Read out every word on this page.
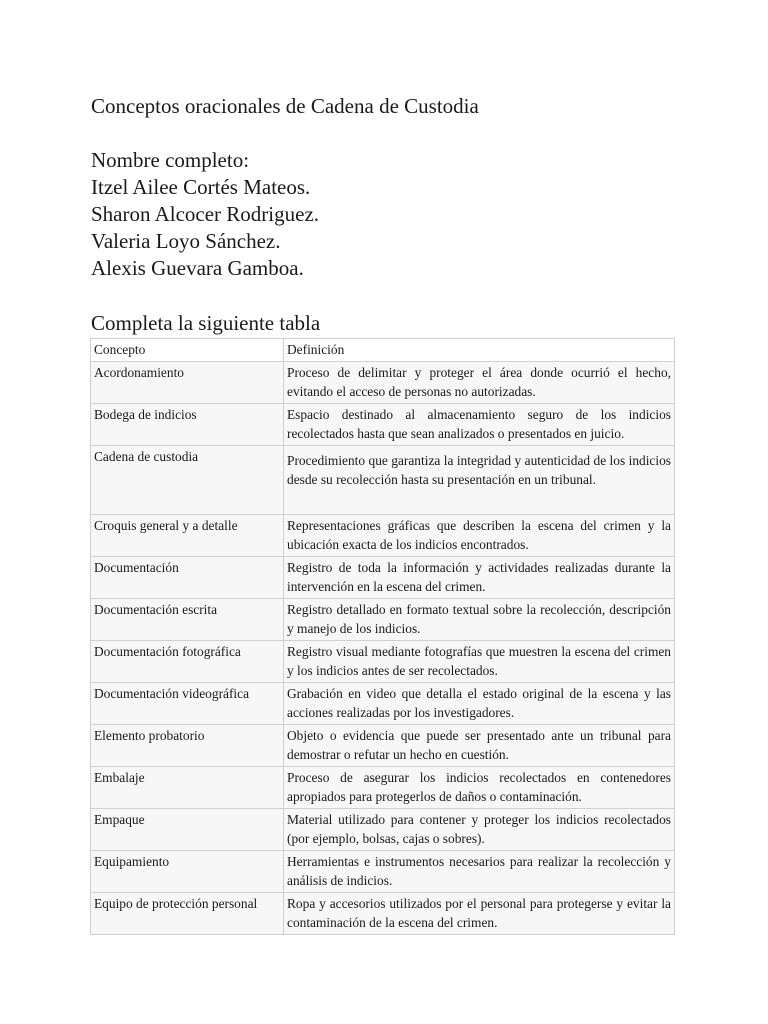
Conceptos oracionales de Cadena de Custodia
Nombre completo:
Itzel Ailee Cortés Mateos.
Sharon Alcocer Rodriguez.
Valeria Loyo Sánchez.
Alexis Guevara Gamboa.
Completa la siguiente tabla
Concepto	Definición
Acordonamiento	Proceso de delimitar y proteger el área donde ocurrió el hecho, evitando el acceso de personas no autorizadas.
Bodega de indicios	Espacio destinado al almacenamiento seguro de los indicios recolectados hasta que sean analizados o presentados en juicio.
Cadena de custodia	Procedimiento que garantiza la integridad y autenticidad de los indicios desde su recolección hasta su presentación en un tribunal.
Croquis general y a detalle	Representaciones gráficas que describen la escena del crimen y la ubicación exacta de los indicios encontrados.
Documentación	Registro de toda la información y actividades realizadas durante la intervención en la escena del crimen.
Documentación escrita	Registro detallado en formato textual sobre la recolección, descripción y manejo de los indicios.
Documentación fotográfica	Registro visual mediante fotografías que muestren la escena del crimen y los indicios antes de ser recolectados.
Documentación videográfica	Grabación en video que detalla el estado original de la escena y las acciones realizadas por los investigadores.
Elemento probatorio	Objeto o evidencia que puede ser presentado ante un tribunal para demostrar o refutar un hecho en cuestión.
Embalaje	Proceso de asegurar los indicios recolectados en contenedores apropiados para protegerlos de daños o contaminación.
Empaque	Material utilizado para contener y proteger los indicios recolectados (por ejemplo, bolsas, cajas o sobres).
Equipamiento	Herramientas e instrumentos necesarios para realizar la recolección y análisis de indicios.
Equipo de protección personal	Ropa y accesorios utilizados por el personal para protegerse y evitar la contaminación de la escena del crimen.
